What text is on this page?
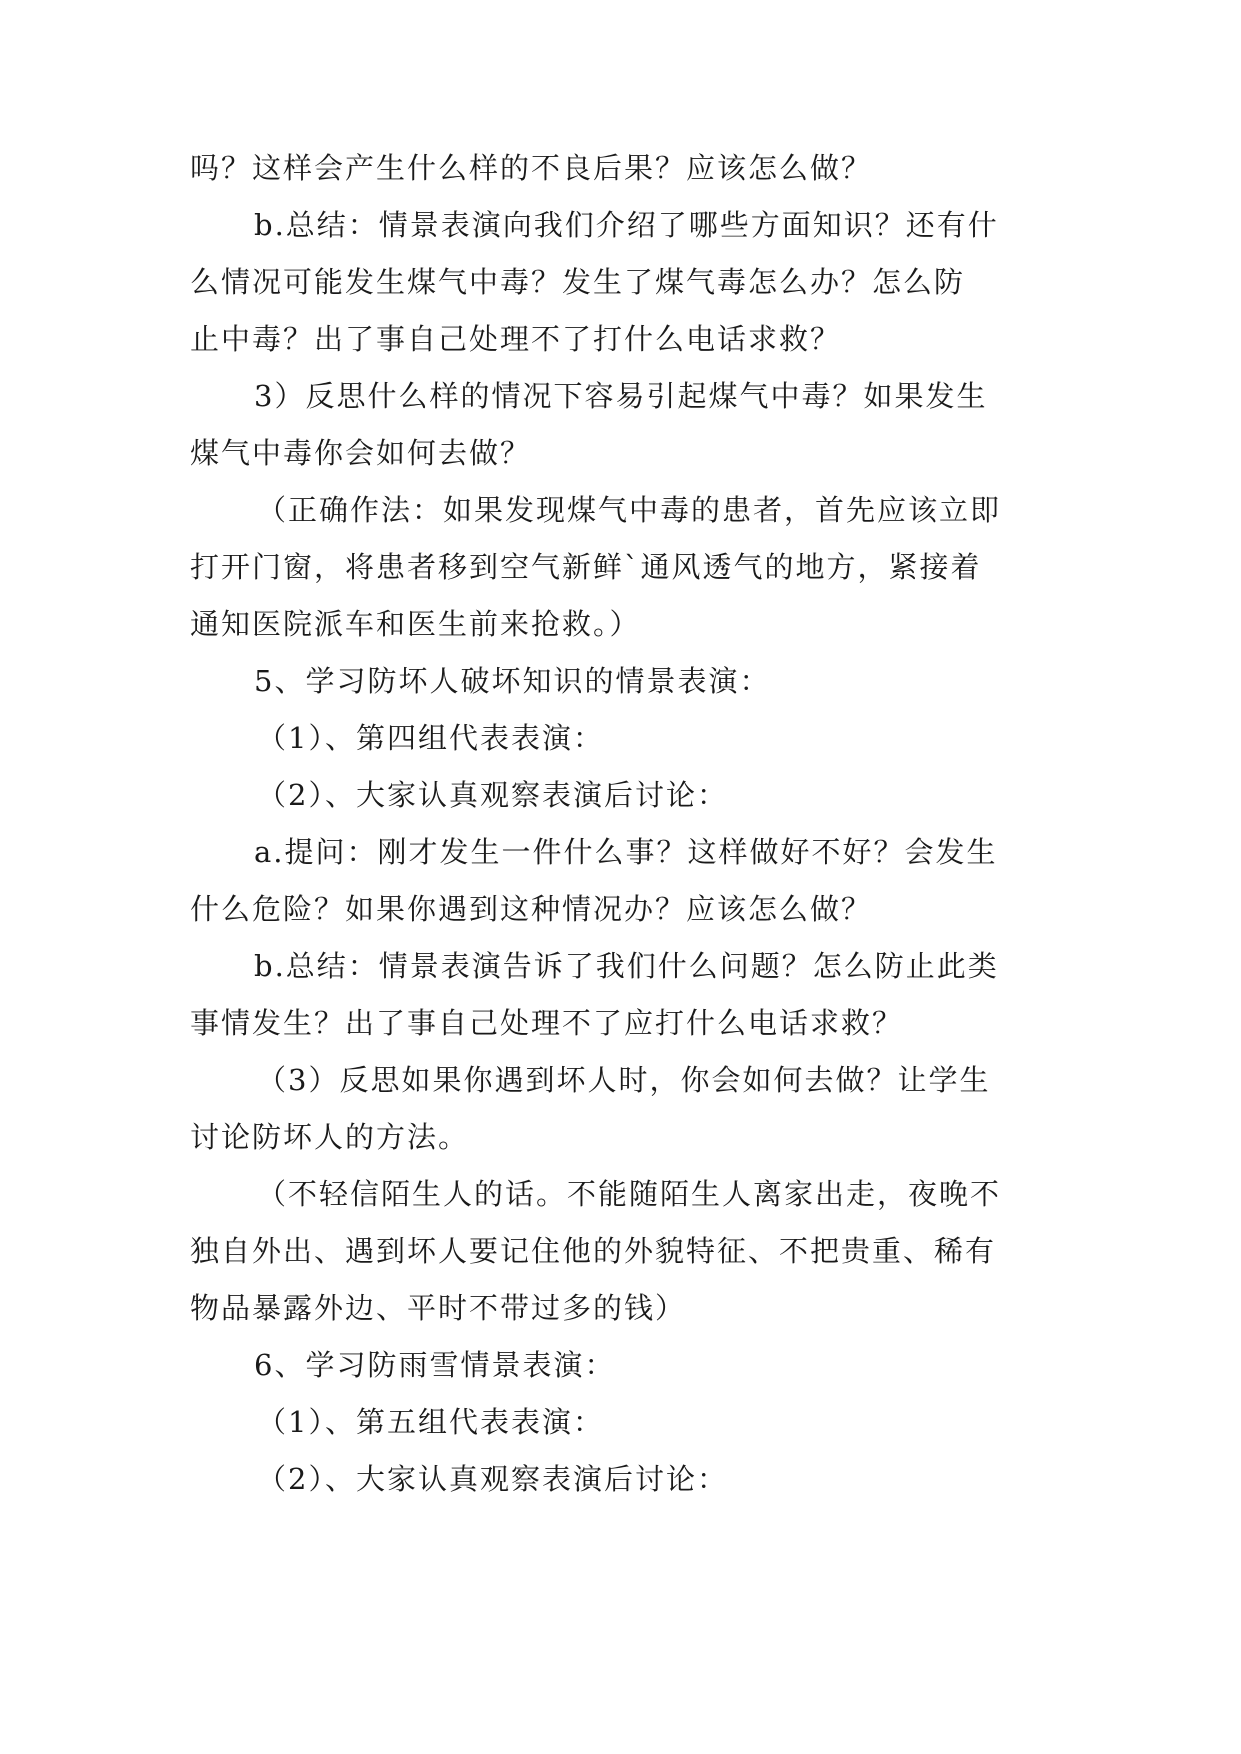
吗？这样会产生什么样的不良后果？应该怎么做？
b.总结：情景表演向我们介绍了哪些方面知识？还有什
么情况可能发生煤气中毒？发生了煤气毒怎么办？怎么防
止中毒？出了事自己处理不了打什么电话求救？
3）反思什么样的情况下容易引起煤气中毒？如果发生
煤气中毒你会如何去做？
（正确作法：如果发现煤气中毒的患者，首先应该立即
打开门窗，将患者移到空气新鲜`通风透气的地方，紧接着
通知医院派车和医生前来抢救。）
5、学习防坏人破坏知识的情景表演：
（1）、第四组代表表演：
（2）、大家认真观察表演后讨论：
a.提问：刚才发生一件什么事？这样做好不好？会发生
什么危险？如果你遇到这种情况办？应该怎么做？
b.总结：情景表演告诉了我们什么问题？怎么防止此类
事情发生？出了事自己处理不了应打什么电话求救？
（3）反思如果你遇到坏人时，你会如何去做？让学生
讨论防坏人的方法。
（不轻信陌生人的话。不能随陌生人离家出走，夜晚不
独自外出、遇到坏人要记住他的外貌特征、不把贵重、稀有
物品暴露外边、平时不带过多的钱）
6、学习防雨雪情景表演：
（1）、第五组代表表演：
（2）、大家认真观察表演后讨论：
